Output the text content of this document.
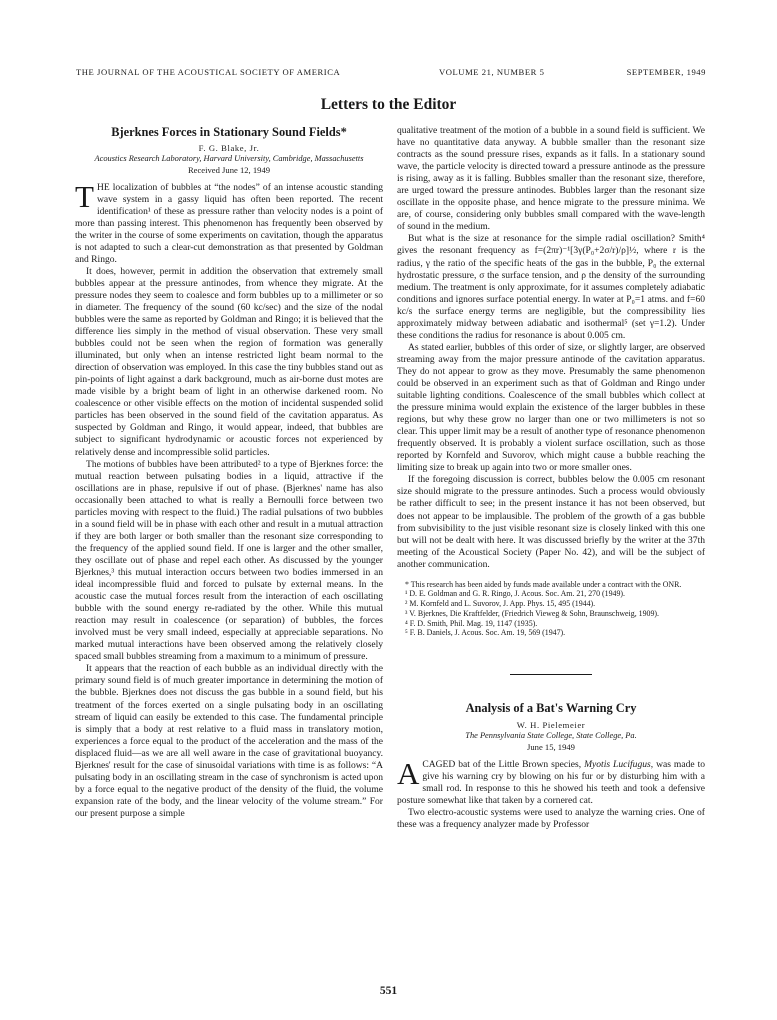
THE JOURNAL OF THE ACOUSTICAL SOCIETY OF AMERICA	VOLUME 21, NUMBER 5	SEPTEMBER, 1949
Letters to the Editor
Bjerknes Forces in Stationary Sound Fields*
F. G. Blake, Jr.
Acoustics Research Laboratory, Harvard University, Cambridge, Massachusetts
Received June 12, 1949

THE localization of bubbles at “the nodes” of an intense acoustic standing wave system in a gassy liquid has often been reported. The recent identification¹ of these as pressure rather than velocity nodes is a point of more than passing interest. This phenomenon has frequently been observed by the writer in the course of some experiments on cavitation, though the apparatus is not adapted to such a clear-cut demonstration as that presented by Goldman and Ringo.

It does, however, permit in addition the observation that extremely small bubbles appear at the pressure antinodes, from whence they migrate. At the pressure nodes they seem to coalesce and form bubbles up to a millimeter or so in diameter. The frequency of the sound (60 kc/sec) and the size of the nodal bubbles were the same as reported by Goldman and Ringo; it is believed that the difference lies simply in the method of visual observation. These very small bubbles could not be seen when the region of formation was generally illuminated, but only when an intense restricted light beam normal to the direction of observation was employed. In this case the tiny bubbles stand out as pin-points of light against a dark background, much as air-borne dust motes are made visible by a bright beam of light in an otherwise darkened room. No coalescence or other visible effects on the motion of incidental suspended solid particles has been observed in the sound field of the cavitation apparatus. As suspected by Goldman and Ringo, it would appear, indeed, that bubbles are subject to significant hydrodynamic or acoustic forces not experienced by relatively dense and incompressible solid particles.

The motions of bubbles have been attributed² to a type of Bjerknes force: the mutual reaction between pulsating bodies in a liquid, attractive if the oscillations are in phase, repulsive if out of phase. (Bjerknes' name has also occasionally been attached to what is really a Bernoulli force between two particles moving with respect to the fluid.) The radial pulsations of two bubbles in a sound field will be in phase with each other and result in a mutual attraction if they are both larger or both smaller than the resonant size corresponding to the frequency of the applied sound field. If one is larger and the other smaller, they oscillate out of phase and repel each other. As discussed by the younger Bjerknes,³ this mutual interaction occurs between two bodies immersed in an ideal incompressible fluid and forced to pulsate by external means. In the acoustic case the mutual forces result from the interaction of each oscillating bubble with the sound energy re-radiated by the other. While this mutual reaction may result in coalescence (or separation) of bubbles, the forces involved must be very small indeed, especially at appreciable separations. No marked mutual interactions have been observed among the relatively closely spaced small bubbles streaming from a maximum to a minimum of pressure.

It appears that the reaction of each bubble as an individual directly with the primary sound field is of much greater importance in determining the motion of the bubble. Bjerknes does not discuss the gas bubble in a sound field, but his treatment of the forces exerted on a single pulsating body in an oscillating stream of liquid can easily be extended to this case. The fundamental principle is simply that a body at rest relative to a fluid mass in translatory motion, experiences a force equal to the product of the acceleration and the mass of the displaced fluid—as we are all well aware in the case of gravitational buoyancy. Bjerknes' result for the case of sinusoidal variations with time is as follows: “A pulsating body in an oscillating stream in the case of synchronism is acted upon by a force equal to the negative product of the density of the fluid, the volume expansion rate of the body, and the linear velocity of the volume stream.” For our present purpose a simple

qualitative treatment of the motion of a bubble in a sound field is sufficient. We have no quantitative data anyway. A bubble smaller than the resonant size contracts as the sound pressure rises, expands as it falls. In a stationary sound wave, the particle velocity is directed toward a pressure antinode as the pressure is rising, away as it is falling. Bubbles smaller than the resonant size, therefore, are urged toward the pressure antinodes. Bubbles larger than the resonant size oscillate in the opposite phase, and hence migrate to the pressure minima. We are, of course, considering only bubbles small compared with the wave-length of sound in the medium.

But what is the size at resonance for the simple radial oscillation? Smith⁴ gives the resonant frequency as f=(2πr)⁻¹[3γ(P₀+2σ/r)/ρ]½, where r is the radius, γ the ratio of the specific heats of the gas in the bubble, P₀ the external hydrostatic pressure, σ the surface tension, and ρ the density of the surrounding medium. The treatment is only approximate, for it assumes completely adiabatic conditions and ignores surface potential energy. In water at P₀=1 atms. and f=60 kc/s the surface energy terms are negligible, but the compressibility lies approximately midway between adiabatic and isothermal⁵ (set γ=1.2). Under these conditions the radius for resonance is about 0.005 cm.

As stated earlier, bubbles of this order of size, or slightly larger, are observed streaming away from the major pressure antinode of the cavitation apparatus. They do not appear to grow as they move. Presumably the same phenomenon could be observed in an experiment such as that of Goldman and Ringo under suitable lighting conditions. Coalescence of the small bubbles which collect at the pressure minima would explain the existence of the larger bubbles in these regions, but why these grow no larger than one or two millimeters is not so clear. This upper limit may be a result of another type of resonance phenomenon frequently observed. It is probably a violent surface oscillation, such as those reported by Kornfeld and Suvorov, which might cause a bubble reaching the limiting size to break up again into two or more smaller ones.

If the foregoing discussion is correct, bubbles below the 0.005 cm resonant size should migrate to the pressure antinodes. Such a process would obviously be rather difficult to see; in the present instance it has not been observed, but does not appear to be implausible. The problem of the growth of a gas bubble from subvisibility to the just visible resonant size is closely linked with this one but will not be dealt with here. It was discussed briefly by the writer at the 37th meeting of the Acoustical Society (Paper No. 42), and will be the subject of another communication.

* This research has been aided by funds made available under a contract with the ONR.
¹ D. E. Goldman and G. R. Ringo, J. Acous. Soc. Am. 21, 270 (1949).
² M. Kornfeld and L. Suvorov, J. App. Phys. 15, 495 (1944).
³ V. Bjerknes, Die Kraftfelder, (Friedrich Vieweg & Sohn, Braunschweig, 1909).
⁴ F. D. Smith, Phil. Mag. 19, 1147 (1935).
⁵ F. B. Daniels, J. Acous. Soc. Am. 19, 569 (1947).
Analysis of a Bat's Warning Cry
W. H. Pielemeier
The Pennsylvania State College, State College, Pa.
June 15, 1949

ACAGED bat of the Little Brown species, Myotis Lucifugus, was made to give his warning cry by blowing on his fur or by disturbing him with a small rod. In response to this he showed his teeth and took a defensive posture somewhat like that taken by a cornered cat.

Two electro-acoustic systems were used to analyze the warning cries. One of these was a frequency analyzer made by Professor

551
